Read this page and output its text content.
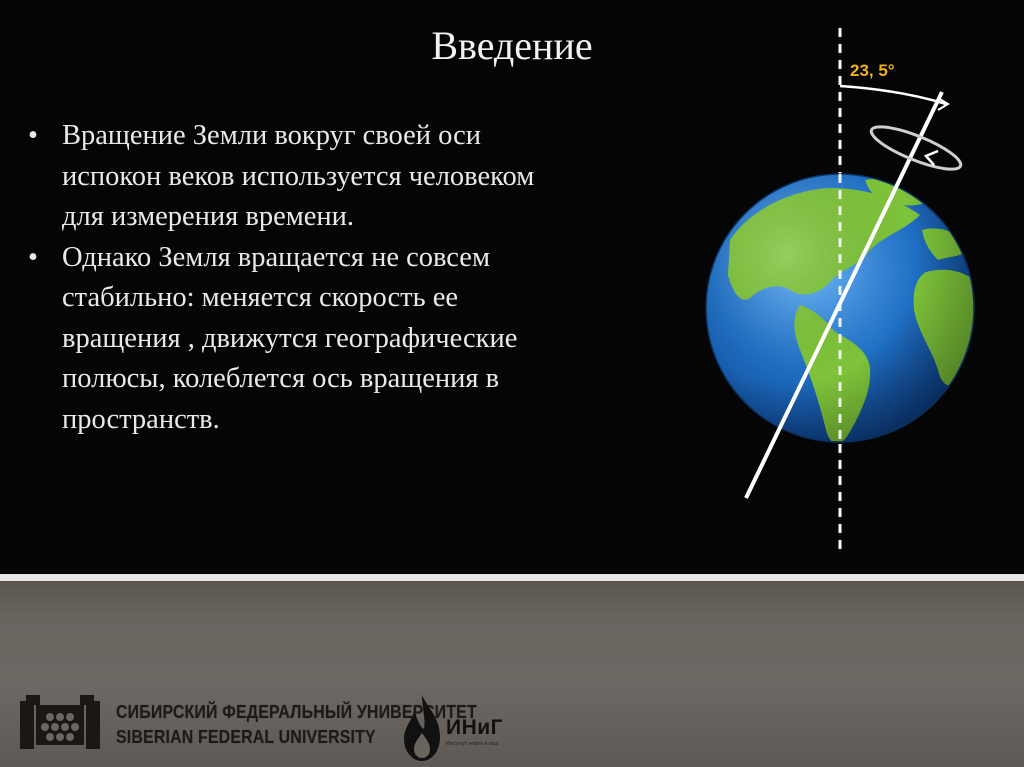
Введение
• Вращение Земли вокруг своей оси
испокон веков используется человеком
для измерения времени.
• Однако Земля вращается не совсем
стабильно: меняется скорость ее
вращения , движутся географические
полюсы, колеблется ось вращения в
пространств.
23, 5°
СИБИРСКИЙ ФЕДЕРАЛЬНЫЙ УНИВЕРСИТЕТ
SIBERIAN FEDERAL UNIVERSITY	ИНиГ
Институт нефти и газа
